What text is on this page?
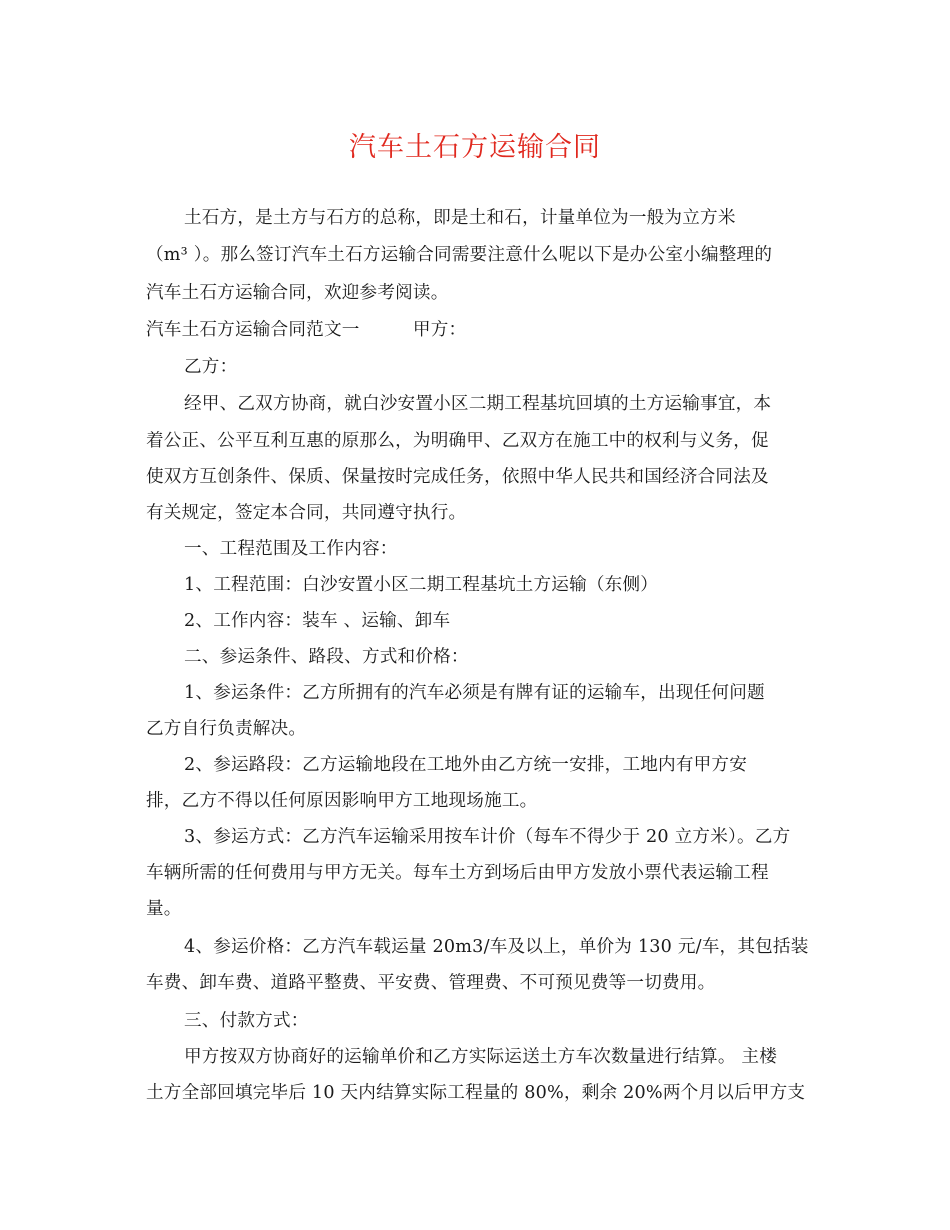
汽车土石方运输合同
土石方，是土方与石方的总称，即是土和石，计量单位为一般为立方米
（m³ ）。那么签订汽车土石方运输合同需要注意什么呢以下是办公室小编整理的
汽车土石方运输合同，欢迎参考阅读。
汽车土石方运输合同范文一　　　甲方：
乙方：
经甲、乙双方协商，就白沙安置小区二期工程基坑回填的土方运输事宜，本
着公正、公平互利互惠的原那么，为明确甲、乙双方在施工中的权利与义务，促
使双方互创条件、保质、保量按时完成任务，依照中华人民共和国经济合同法及
有关规定，签定本合同，共同遵守执行。
一、工程范围及工作内容：
1、工程范围：白沙安置小区二期工程基坑土方运输（东侧）
2、工作内容：装车 、运输、卸车
二、参运条件、路段、方式和价格：
1、参运条件：乙方所拥有的汽车必须是有牌有证的运输车，出现任何问题
乙方自行负责解决。
2、参运路段：乙方运输地段在工地外由乙方统一安排，工地内有甲方安
排，乙方不得以任何原因影响甲方工地现场施工。
3、参运方式：乙方汽车运输采用按车计价（每车不得少于 20 立方米）。乙方
车辆所需的任何费用与甲方无关。每车土方到场后由甲方发放小票代表运输工程
量。
4、参运价格：乙方汽车载运量 20m3/车及以上，单价为 130 元/车，其包括装
车费、卸车费、道路平整费、平安费、管理费、不可预见费等一切费用。
三、付款方式：
甲方按双方协商好的运输单价和乙方实际运送土方车次数量进行结算。 主楼
土方全部回填完毕后 10 天内结算实际工程量的 80%，剩余 20%两个月以后甲方支
